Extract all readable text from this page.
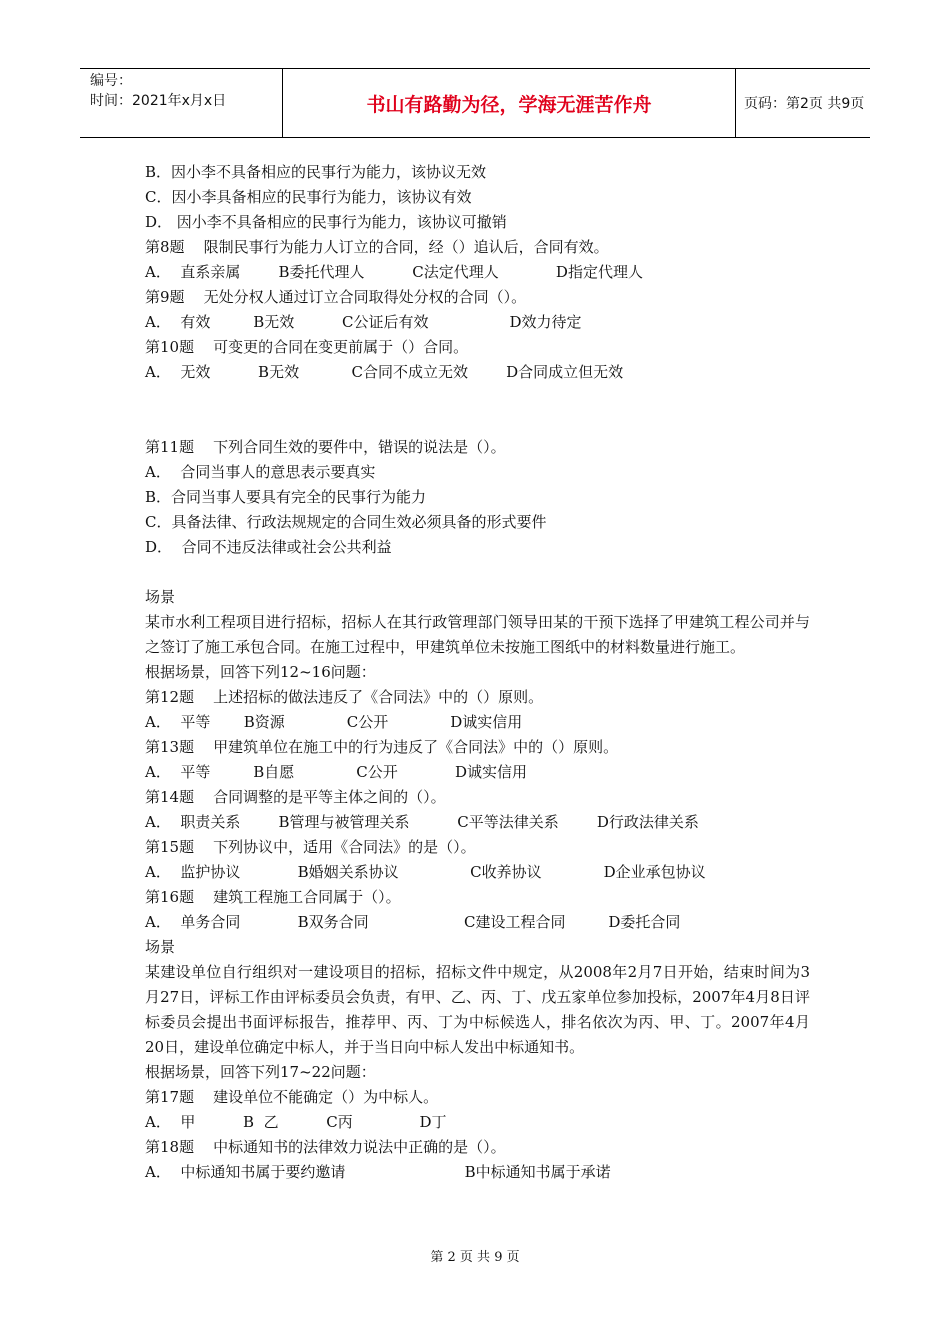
编号：
时间：2021年x月x日	书山有路勤为径，学海无涯苦作舟	页码：第2页 共9页
B．因小李不具备相应的民事行为能力，该协议无效
C．因小李具备相应的民事行为能力，该协议有效
D． 因小李不具备相应的民事行为能力，该协议可撤销
第8题    限制民事行为能力人订立的合同，经（）追认后，合同有效。
A．  直系亲属        B委托代理人          C法定代理人            D指定代理人
第9题    无处分权人通过订立合同取得处分权的合同（）。
A．  有效         B无效          C公证后有效                 D效力待定
第10题    可变更的合同在变更前属于（）合同。
A．  无效          B无效           C合同不成立无效        D合同成立但无效
第11题    下列合同生效的要件中，错误的说法是（）。
A．  合同当事人的意思表示要真实
B．合同当事人要具有完全的民事行为能力
C．具备法律、行政法规规定的合同生效必须具备的形式要件
D．  合同不违反法律或社会公共利益
场景
某市水利工程项目进行招标，招标人在其行政管理部门领导田某的干预下选择了甲建筑工程公司并与之签订了施工承包合同。在施工过程中，甲建筑单位未按施工图纸中的材料数量进行施工。
根据场景，回答下列12~16问题：
第12题    上述招标的做法违反了《合同法》中的（）原则。
A．  平等       B资源             C公开             D诚实信用
第13题    甲建筑单位在施工中的行为违反了《合同法》中的（）原则。
A．  平等         B自愿             C公开            D诚实信用
第14题    合同调整的是平等主体之间的（）。
A．  职责关系        B管理与被管理关系          C平等法律关系        D行政法律关系
第15题    下列协议中，适用《合同法》的是（）。
A．  监护协议            B婚姻关系协议               C收养协议             D企业承包协议
第16题    建筑工程施工合同属于（）。
A．  单务合同            B双务合同                    C建设工程合同         D委托合同
场景
某建设单位自行组织对一建设项目的招标，招标文件中规定，从2008年2月7日开始，结束时间为3月27日，评标工作由评标委员会负责，有甲、乙、丙、丁、戊五家单位参加投标，2007年4月8日评标委员会提出书面评标报告，推荐甲、丙、丁为中标候选人，排名依次为丙、甲、丁。2007年4月20日，建设单位确定中标人，并于当日向中标人发出中标通知书。
根据场景，回答下列17~22问题：
第17题    建设单位不能确定（）为中标人。
A．  甲          B  乙          C丙              D丁
第18题    中标通知书的法律效力说法中正确的是（）。
A．  中标通知书属于要约邀请                         B中标通知书属于承诺
第 2 页 共 9 页
